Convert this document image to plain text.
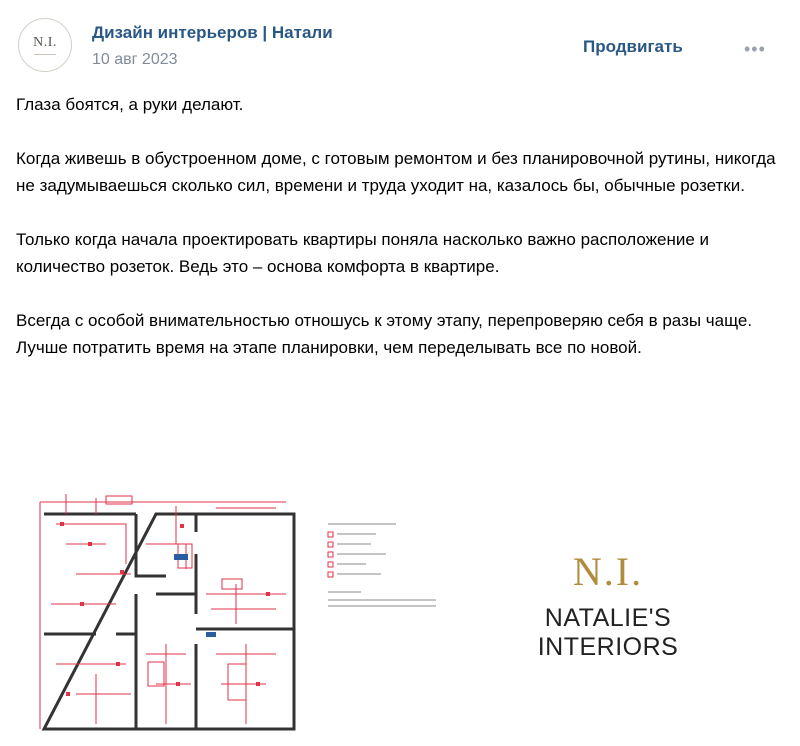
N.I.
Дизайн интерьеров | Натали
10 авг 2023
Продвигать	•••

Глаза боятся, а руки делают.

Когда живешь в обустроенном доме, с готовым ремонтом и без планировочной рутины, никогда не задумываешься сколько сил, времени и труда уходит на, казалось бы, обычные розетки.

Только когда начала проектировать квартиры поняла насколько важно расположение и количество розеток. Ведь это – основа комфорта в квартире.

Всегда с особой внимательностью отношусь к этому этапу, перепроверяю себя в разы чаще. Лучше потратить время на этапе планировки, чем переделывать все по новой.

N.I.
NATALIE'S INTERIORS
